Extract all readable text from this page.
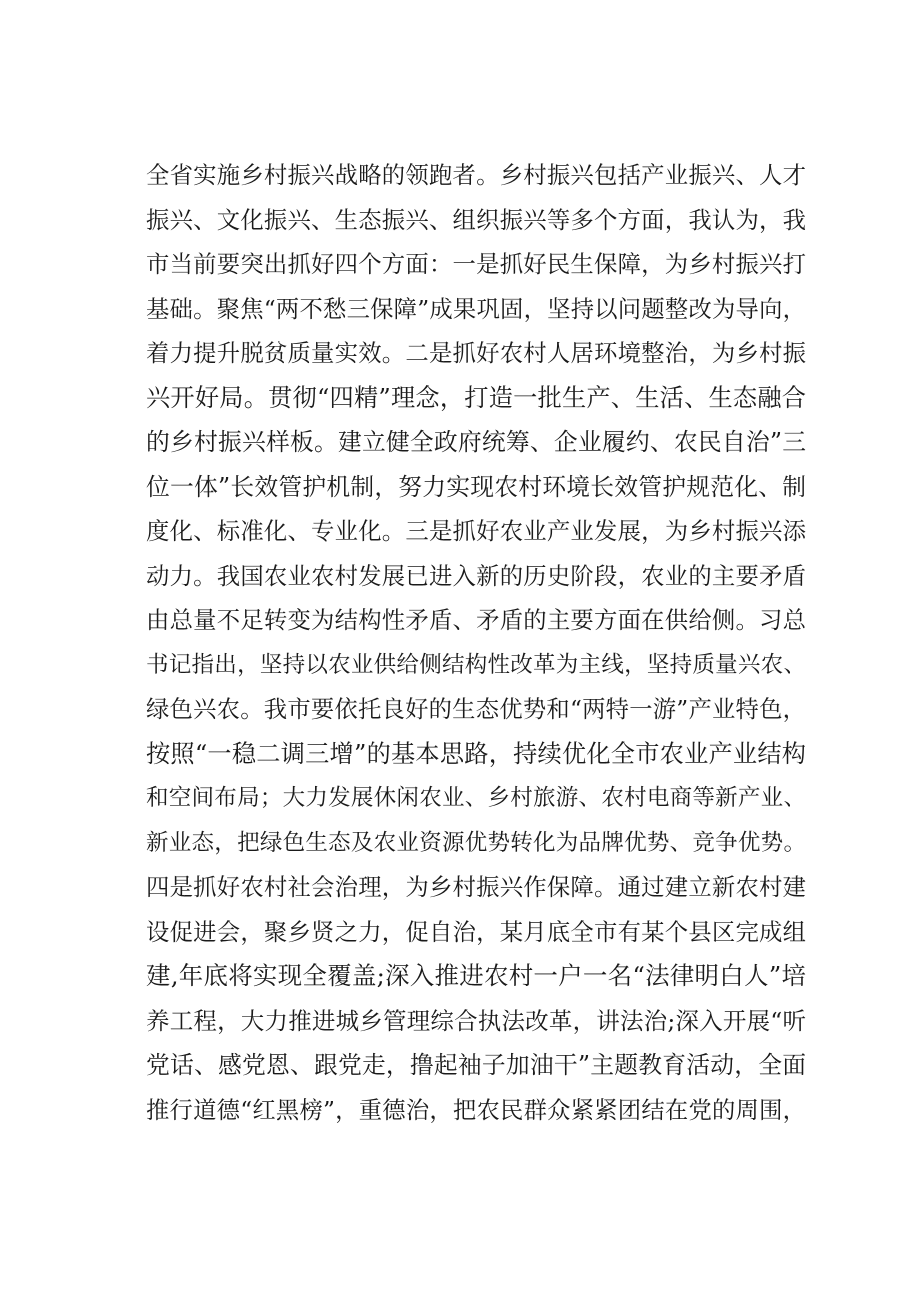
全省实施乡村振兴战略的领跑者。乡村振兴包括产业振兴、人才
振兴、文化振兴、生态振兴、组织振兴等多个方面，我认为，我
市当前要突出抓好四个方面：一是抓好民生保障，为乡村振兴打
基础。聚焦“两不愁三保障”成果巩固，坚持以问题整改为导向，
着力提升脱贫质量实效。二是抓好农村人居环境整治，为乡村振
兴开好局。贯彻“四精”理念，打造一批生产、生活、生态融合
的乡村振兴样板。建立健全政府统筹、企业履约、农民自治”三
位一体”长效管护机制，努力实现农村环境长效管护规范化、制
度化、标准化、专业化。三是抓好农业产业发展，为乡村振兴添
动力。我国农业农村发展已进入新的历史阶段，农业的主要矛盾
由总量不足转变为结构性矛盾、矛盾的主要方面在供给侧。习总
书记指出，坚持以农业供给侧结构性改革为主线，坚持质量兴农、
绿色兴农。我市要依托良好的生态优势和“两特一游”产业特色，
按照“一稳二调三增”的基本思路，持续优化全市农业产业结构
和空间布局；大力发展休闲农业、乡村旅游、农村电商等新产业、
新业态，把绿色生态及农业资源优势转化为品牌优势、竞争优势。
四是抓好农村社会治理，为乡村振兴作保障。通过建立新农村建
设促进会，聚乡贤之力，促自治，某月底全市有某个县区完成组
建,年底将实现全覆盖;深入推进农村一户一名“法律明白人”培
养工程，大力推进城乡管理综合执法改革，讲法治;深入开展“听
党话、感党恩、跟党走，撸起袖子加油干”主题教育活动，全面
推行道德“红黑榜”，重德治，把农民群众紧紧团结在党的周围，
